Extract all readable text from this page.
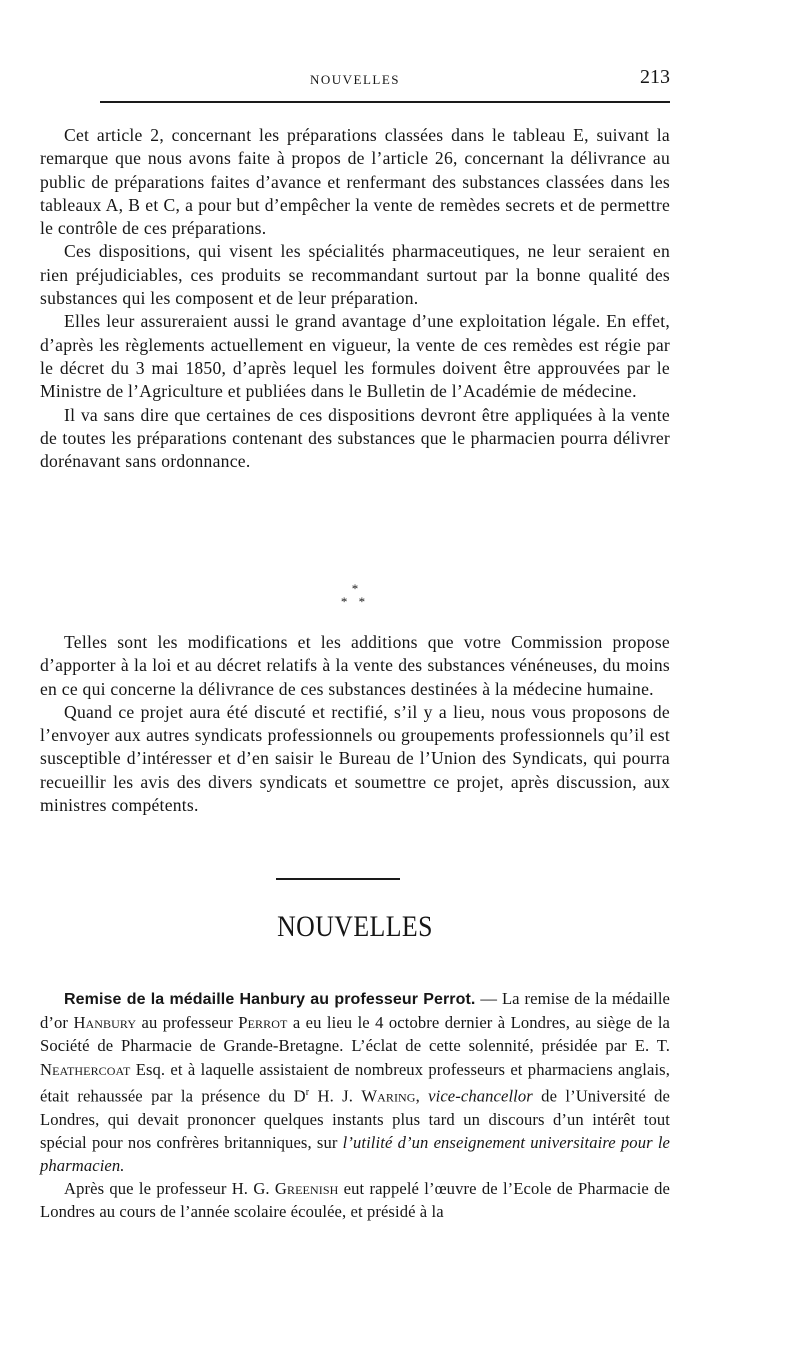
NOUVELLES	213

Cet article 2, concernant les préparations classées dans le tableau E, suivant la remarque que nous avons faite à propos de l’article 26, concernant la délivrance au public de préparations faites d’avance et renfermant des substances classées dans les tableaux A, B et C, a pour but d’empêcher la vente de remèdes secrets et de permettre le contrôle de ces préparations.

Ces dispositions, qui visent les spécialités pharmaceutiques, ne leur seraient en rien préjudiciables, ces produits se recommandant surtout par la bonne qualité des substances qui les composent et de leur préparation.

Elles leur assureraient aussi le grand avantage d’une exploitation légale. En effet, d’après les règlements actuellement en vigueur, la vente de ces remèdes est régie par le décret du 3 mai 1850, d’après lequel les formules doivent être approuvées par le Ministre de l’Agriculture et publiées dans le Bulletin de l’Académie de médecine.

Il va sans dire que certaines de ces dispositions devront être appliquées à la vente de toutes les préparations contenant des substances que le pharmacien pourra délivrer dorénavant sans ordonnance.

*
* *

Telles sont les modifications et les additions que votre Commission propose d’apporter à la loi et au décret relatifs à la vente des substances vénéneuses, du moins en ce qui concerne la délivrance de ces substances destinées à la médecine humaine.

Quand ce projet aura été discuté et rectifié, s’il y a lieu, nous vous proposons de l’envoyer aux autres syndicats professionnels ou groupements professionnels qu’il est susceptible d’intéresser et d’en saisir le Bureau de l’Union des Syndicats, qui pourra recueillir les avis des divers syndicats et soumettre ce projet, après discussion, aux ministres compétents.

NOUVELLES

Remise de la médaille Hanbury au professeur Perrot. — La remise de la médaille d’or Hanbury au professeur Perrot a eu lieu le 4 octobre dernier à Londres, au siège de la Société de Pharmacie de Grande-Bretagne. L’éclat de cette solennité, présidée par E. T. Neathercoat Esq. et à laquelle assistaient de nombreux professeurs et pharmaciens anglais, était rehaussée par la présence du $D^r$ H. J. Waring, vice-chancellor de l’Université de Londres, qui devait prononcer quelques instants plus tard un discours d’un intérêt tout spécial pour nos confrères britanniques, sur l’utilité d’un enseignement universitaire pour le pharmacien.

Après que le professeur H. G. Greenish eut rappelé l’œuvre de l’Ecole de Pharmacie de Londres au cours de l’année scolaire écoulée, et présidé à la
